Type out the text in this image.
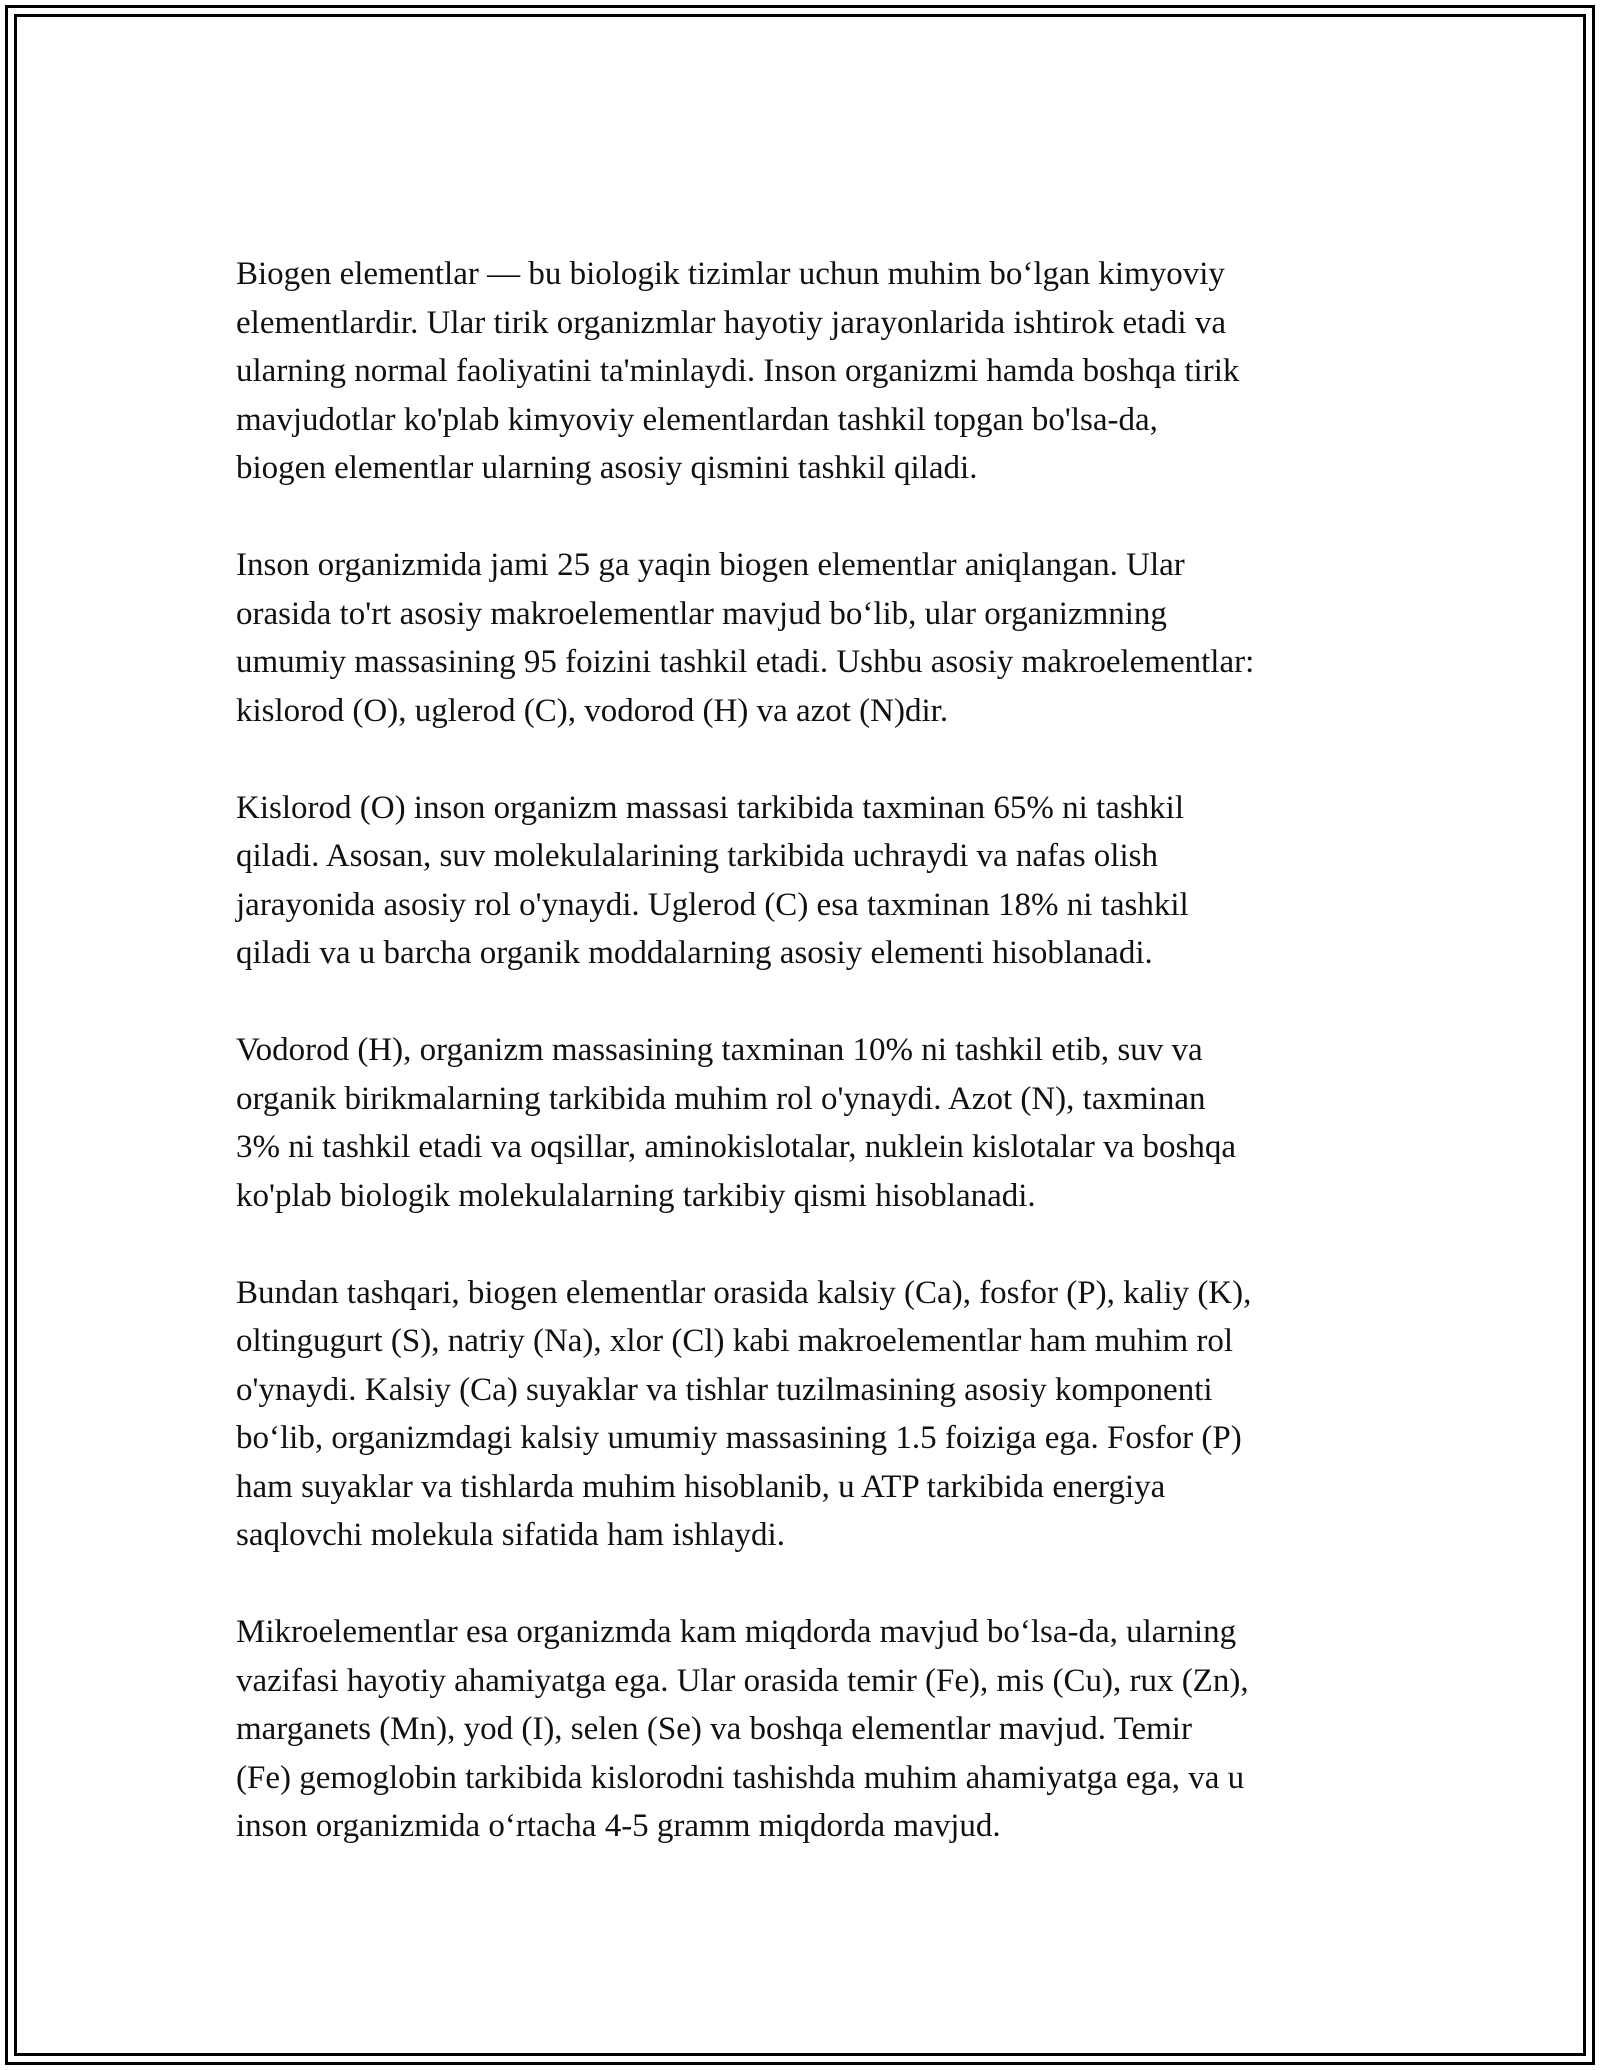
Biogen elementlar — bu biologik tizimlar uchun muhim boʻlgan kimyoviy
elementlardir. Ular tirik organizmlar hayotiy jarayonlarida ishtirok etadi va
ularning normal faoliyatini ta'minlaydi. Inson organizmi hamda boshqa tirik
mavjudotlar ko'plab kimyoviy elementlardan tashkil topgan bo'lsa-da,
biogen elementlar ularning asosiy qismini tashkil qiladi.

Inson organizmida jami 25 ga yaqin biogen elementlar aniqlangan. Ular
orasida to'rt asosiy makroelementlar mavjud boʻlib, ular organizmning
umumiy massasining 95 foizini tashkil etadi. Ushbu asosiy makroelementlar:
kislorod (O), uglerod (C), vodorod (H) va azot (N)dir.

Kislorod (O) inson organizm massasi tarkibida taxminan 65% ni tashkil
qiladi. Asosan, suv molekulalarining tarkibida uchraydi va nafas olish
jarayonida asosiy rol o'ynaydi. Uglerod (C) esa taxminan 18% ni tashkil
qiladi va u barcha organik moddalarning asosiy elementi hisoblanadi.

Vodorod (H), organizm massasining taxminan 10% ni tashkil etib, suv va
organik birikmalarning tarkibida muhim rol o'ynaydi. Azot (N), taxminan
3% ni tashkil etadi va oqsillar, aminokislotalar, nuklein kislotalar va boshqa
ko'plab biologik molekulalarning tarkibiy qismi hisoblanadi.

Bundan tashqari, biogen elementlar orasida kalsiy (Ca), fosfor (P), kaliy (K),
oltingugurt (S), natriy (Na), xlor (Cl) kabi makroelementlar ham muhim rol
o'ynaydi. Kalsiy (Ca) suyaklar va tishlar tuzilmasining asosiy komponenti
boʻlib, organizmdagi kalsiy umumiy massasining 1.5 foiziga ega. Fosfor (P)
ham suyaklar va tishlarda muhim hisoblanib, u ATP tarkibida energiya
saqlovchi molekula sifatida ham ishlaydi.

Mikroelementlar esa organizmda kam miqdorda mavjud boʻlsa-da, ularning
vazifasi hayotiy ahamiyatga ega. Ular orasida temir (Fe), mis (Cu), rux (Zn),
marganets (Mn), yod (I), selen (Se) va boshqa elementlar mavjud. Temir
(Fe) gemoglobin tarkibida kislorodni tashishda muhim ahamiyatga ega, va u
inson organizmida oʻrtacha 4-5 gramm miqdorda mavjud.
